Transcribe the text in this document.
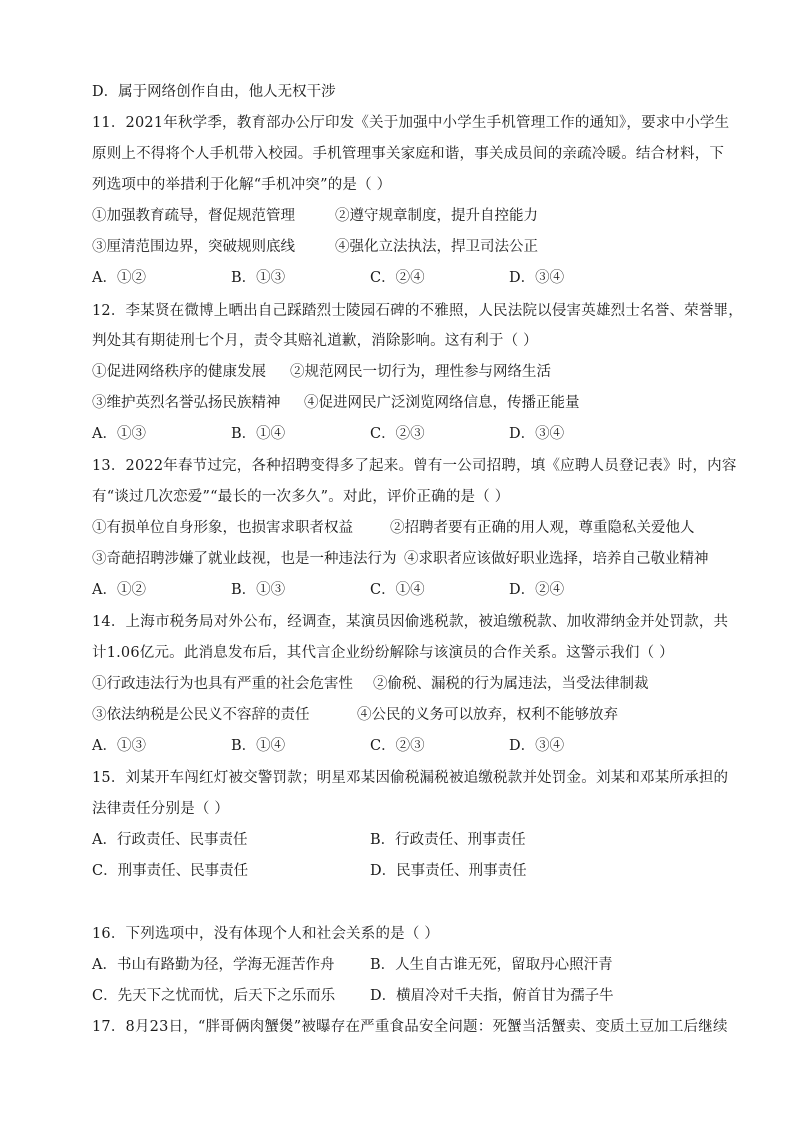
D．属于网络创作自由，他人无权干涉
11．2021年秋学季，教育部办公厅印发《关于加强中小学生手机管理工作的通知》，要求中小学生
原则上不得将个人手机带入校园。手机管理事关家庭和谐，事关成员间的亲疏冷暖。结合材料，下
列选项中的举措利于化解“手机冲突”的是（ ）
①加强教育疏导，督促规范管理	②遵守规章制度，提升自控能力
③厘清范围边界，突破规则底线	④强化立法执法，捍卫司法公正
A．①②	B．①③	C．②④	D．③④
12．李某贤在微博上晒出自己踩踏烈士陵园石碑的不雅照，人民法院以侵害英雄烈士名誉、荣誉罪，
判处其有期徒刑七个月，责令其赔礼道歉，消除影响。这有利于（ ）
①促进网络秩序的健康发展 ②规范网民一切行为，理性参与网络生活
③维护英烈名誉弘扬民族精神 ④促进网民广泛浏览网络信息，传播正能量
A．①③	B．①④	C．②③	D．③④
13．2022年春节过完，各种招聘变得多了起来。曾有一公司招聘，填《应聘人员登记表》时，内容
有“谈过几次恋爱”“最长的一次多久”。对此，评价正确的是（ ）
①有损单位自身形象，也损害求职者权益	②招聘者要有正确的用人观，尊重隐私关爱他人
③奇葩招聘涉嫌了就业歧视，也是一种违法行为 ④求职者应该做好职业选择，培养自己敬业精神
A．①②	B．①③	C．①④	D．②④
14．上海市税务局对外公布，经调查，某演员因偷逃税款，被追缴税款、加收滞纳金并处罚款，共
计1.06亿元。此消息发布后，其代言企业纷纷解除与该演员的合作关系。这警示我们（ ）
①行政违法行为也具有严重的社会危害性 ②偷税、漏税的行为属违法，当受法律制裁
③依法纳税是公民义不容辞的责任	④公民的义务可以放弃，权利不能够放弃
A．①③	B．①④	C．②③	D．③④
15．刘某开车闯红灯被交警罚款；明星邓某因偷税漏税被追缴税款并处罚金。刘某和邓某所承担的
法律责任分别是（ ）
A．行政责任、民事责任	B．行政责任、刑事责任
C．刑事责任、民事责任	D．民事责任、刑事责任
16．下列选项中，没有体现个人和社会关系的是（ ）
A．书山有路勤为径，学海无涯苦作舟 B．人生自古谁无死，留取丹心照汗青
C．先天下之忧而忧，后天下之乐而乐 D．横眉冷对千夫指，俯首甘为孺子牛
17．8月23日，“胖哥俩肉蟹煲”被曝存在严重食品安全问题：死蟹当活蟹卖、变质土豆加工后继续
